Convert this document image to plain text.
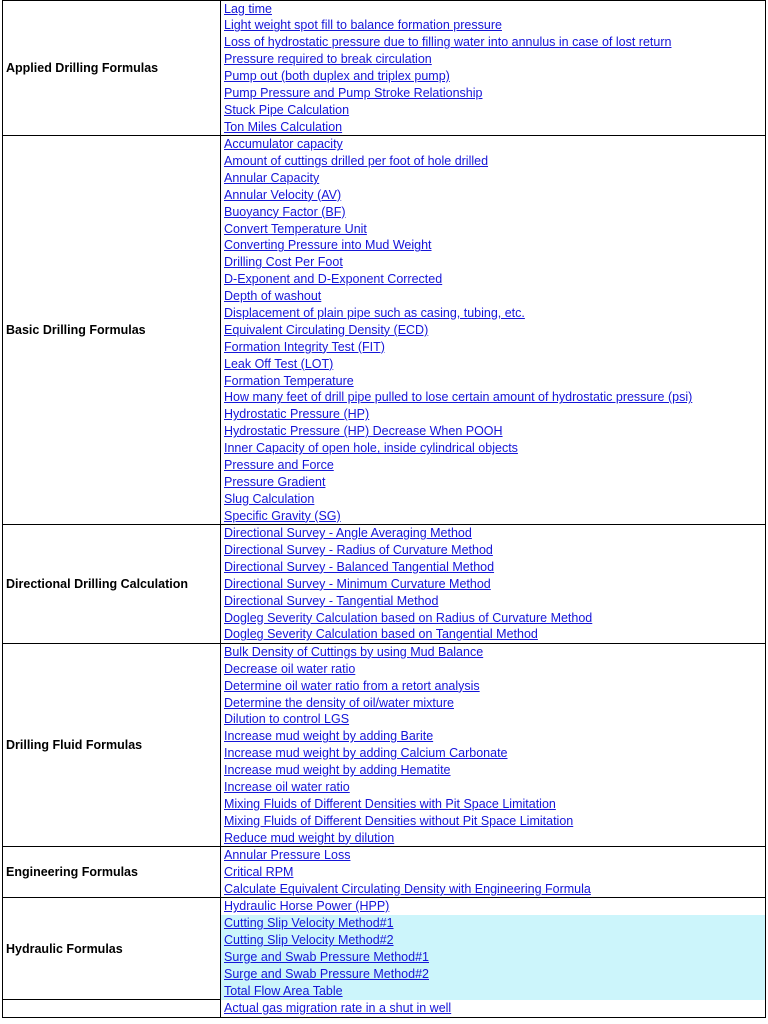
Applied Drilling Formulas
Lag time
Light weight spot fill to balance formation pressure
Loss of hydrostatic pressure due to filling water into annulus in case of lost return
Pressure required to break circulation
Pump out (both duplex and triplex pump)
Pump Pressure and Pump Stroke Relationship
Stuck Pipe Calculation
Ton Miles Calculation
Basic Drilling Formulas
Accumulator capacity
Amount of cuttings drilled per foot of hole drilled
Annular Capacity
Annular Velocity (AV)
Buoyancy Factor (BF)
Convert Temperature Unit
Converting Pressure into Mud Weight
Drilling Cost Per Foot
D-Exponent and D-Exponent Corrected
Depth of washout
Displacement of plain pipe such as casing, tubing, etc.
Equivalent Circulating Density (ECD)
Formation Integrity Test (FIT)
Leak Off Test (LOT)
Formation Temperature
How many feet of drill pipe pulled to lose certain amount of hydrostatic pressure (psi)
Hydrostatic Pressure (HP)
Hydrostatic Pressure (HP) Decrease When POOH
Inner Capacity of open hole, inside cylindrical objects
Pressure and Force
Pressure Gradient
Slug Calculation
Specific Gravity (SG)
Directional Drilling Calculation
Directional Survey - Angle Averaging Method
Directional Survey - Radius of Curvature Method
Directional Survey - Balanced Tangential Method
Directional Survey - Minimum Curvature Method
Directional Survey - Tangential Method
Dogleg Severity Calculation based on Radius of Curvature Method
Dogleg Severity Calculation based on Tangential Method
Drilling Fluid Formulas
Bulk Density of Cuttings by using Mud Balance
Decrease oil water ratio
Determine oil water ratio from a retort analysis
Determine the density of oil/water mixture
Dilution to control LGS
Increase mud weight by adding Barite
Increase mud weight by adding Calcium Carbonate
Increase mud weight by adding Hematite
Increase oil water ratio
Mixing Fluids of Different Densities with Pit Space Limitation
Mixing Fluids of Different Densities without Pit Space Limitation
Reduce mud weight by dilution
Engineering Formulas
Annular Pressure Loss
Critical RPM
Calculate Equivalent Circulating Density with Engineering Formula
Hydraulic Formulas
Hydraulic Horse Power (HPP)
Cutting Slip Velocity Method#1
Cutting Slip Velocity Method#2
Surge and Swab Pressure Method#1
Surge and Swab Pressure Method#2
Total Flow Area Table
Actual gas migration rate in a shut in well
